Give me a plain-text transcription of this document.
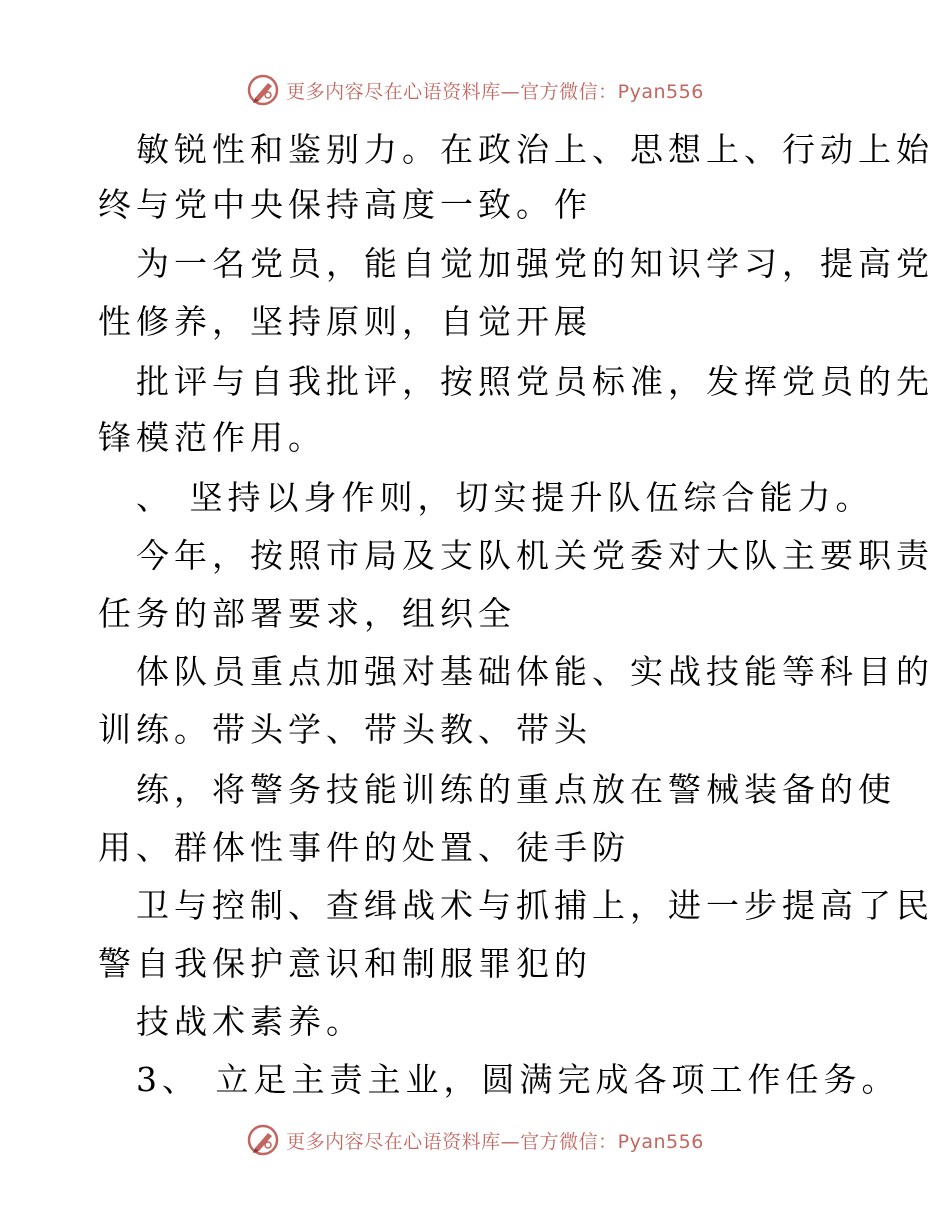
更多内容尽在心语资料库—官方微信：Pyan556
敏锐性和鉴别力。在政治上、思想上、行动上始
终与党中央保持高度一致。作
为一名党员，能自觉加强党的知识学习，提高党
性修养，坚持原则，自觉开展
批评与自我批评，按照党员标准，发挥党员的先
锋模范作用。
、 坚持以身作则，切实提升队伍综合能力。
今年，按照市局及支队机关党委对大队主要职责
任务的部署要求，组织全
体队员重点加强对基础体能、实战技能等科目的
训练。带头学、带头教、带头
练，将警务技能训练的重点放在警械装备的使
用、群体性事件的处置、徒手防
卫与控制、查缉战术与抓捕上，进一步提高了民
警自我保护意识和制服罪犯的
技战术素养。
3、 立足主责主业，圆满完成各项工作任务。
更多内容尽在心语资料库—官方微信：Pyan556
